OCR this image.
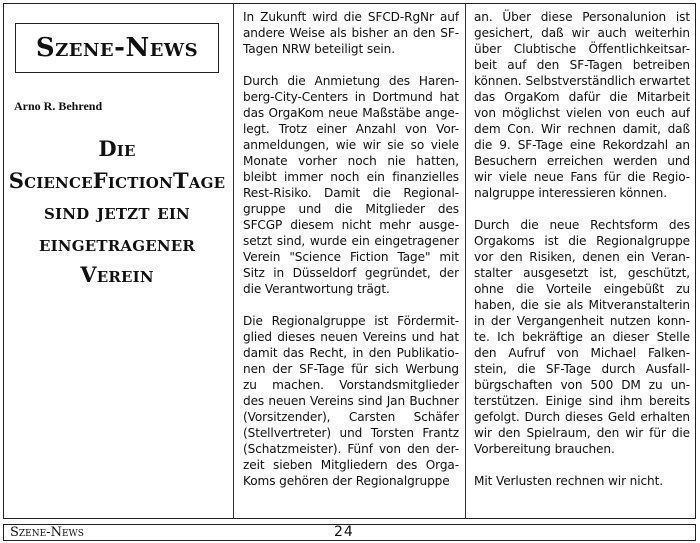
Szene-News
Arno R. Behrend
Die
ScienceFictionTage
sind jetzt ein
eingetragener
Verein

In Zukunft wird die SFCD-RgNr auf
andere Weise als bisher an den SF-
Tagen NRW beteiligt sein.

Durch die Anmietung des Haren-
berg-City-Centers in Dortmund hat
das OrgaKom neue Maßstäbe ange-
legt. Trotz einer Anzahl von Vor-
anmeldungen, wie wir sie so viele
Monate vorher noch nie hatten,
bleibt immer noch ein finanzielles
Rest-Risiko. Damit die Regional-
gruppe und die Mitglieder des
SFCGP diesem nicht mehr ausge-
setzt sind, wurde ein eingetragener
Verein "Science Fiction Tage" mit
Sitz in Düsseldorf gegründet, der
die Verantwortung trägt.

Die Regionalgruppe ist Fördermit-
glied dieses neuen Vereins und hat
damit das Recht, in den Publikatio-
nen der SF-Tage für sich Werbung
zu machen. Vorstandsmitglieder
des neuen Vereins sind Jan Buchner
(Vorsitzender), Carsten Schäfer
(Stellvertreter) und Torsten Frantz
(Schatzmeister). Fünf von den der-
zeit sieben Mitgliedern des Orga-
Koms gehören der Regionalgruppe

an. Über diese Personalunion ist
gesichert, daß wir auch weiterhin
über Clubtische Öffentlichkeitsar-
beit auf den SF-Tagen betreiben
können. Selbstverständlich erwartet
das OrgaKom dafür die Mitarbeit
von möglichst vielen von euch auf
dem Con. Wir rechnen damit, daß
die 9. SF-Tage eine Rekordzahl an
Besuchern erreichen werden und
wir viele neue Fans für die Regio-
nalgruppe interessieren können.

Durch die neue Rechtsform des
Orgakoms ist die Regionalgruppe
vor den Risiken, denen ein Veran-
stalter ausgesetzt ist, geschützt,
ohne die Vorteile eingebüßt zu
haben, die sie als Mitveranstalterin
in der Vergangenheit nutzen konn-
te. Ich bekräftige an dieser Stelle
den Aufruf von Michael Falken-
stein, die SF-Tage durch Ausfall-
bürgschaften von 500 DM zu un-
terstützen. Einige sind ihm bereits
gefolgt. Durch dieses Geld erhalten
wir den Spielraum, den wir für die
Vorbereitung brauchen.

Mit Verlusten rechnen wir nicht.

Szene-News	24
